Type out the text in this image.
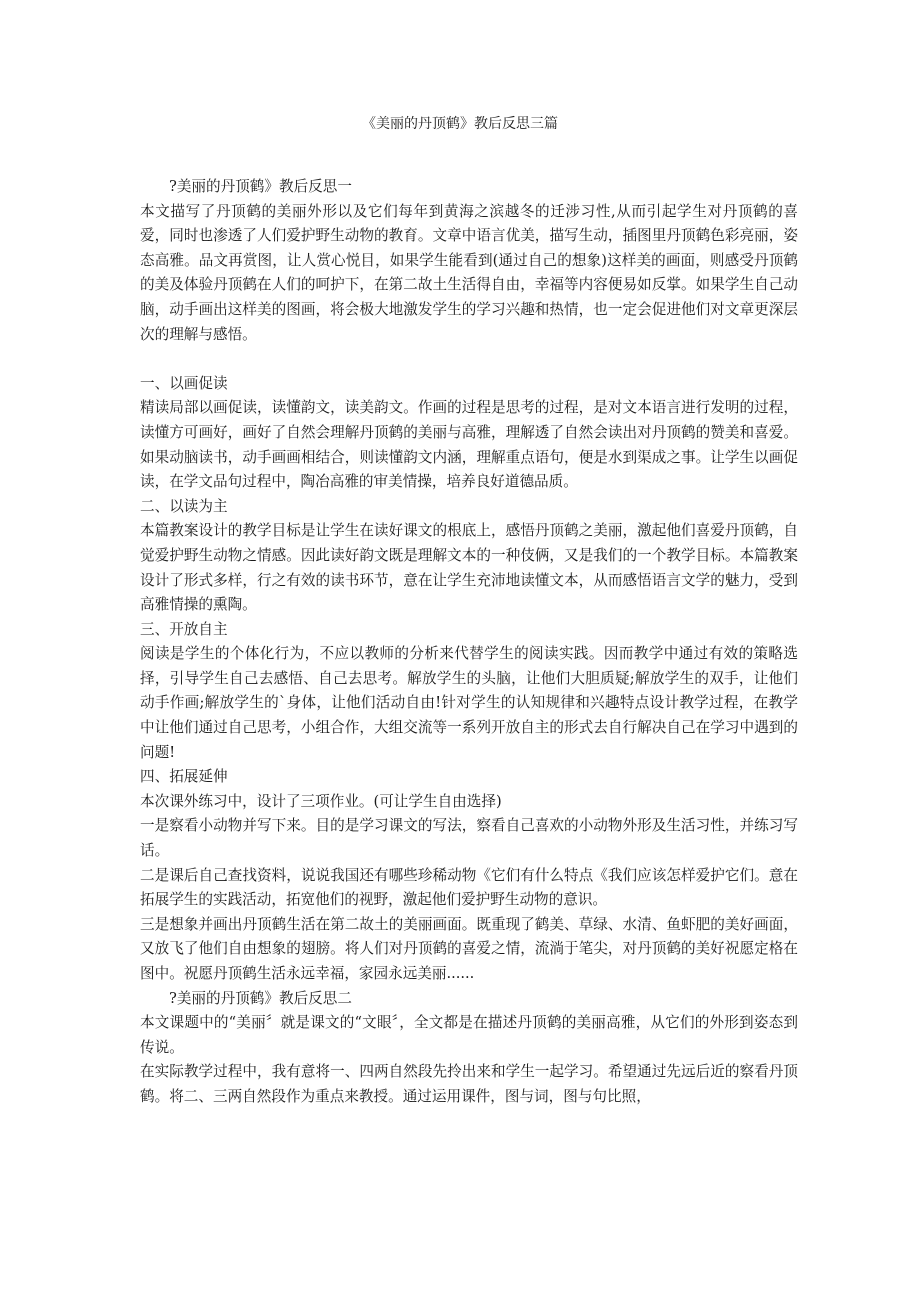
《美丽的丹顶鹤》教后反思三篇

?美丽的丹顶鹤》教后反思一

本文描写了丹顶鹤的美丽外形以及它们每年到黄海之滨越冬的迁涉习性,从而引起学生对丹顶鹤的喜爱，同时也渗透了人们爱护野生动物的教育。文章中语言优美，描写生动，插图里丹顶鹤色彩亮丽，姿态高雅。品文再赏图，让人赏心悦目，如果学生能看到(通过自己的想象)这样美的画面，则感受丹顶鹤的美及体验丹顶鹤在人们的呵护下，在第二故土生活得自由，幸福等内容便易如反掌。如果学生自己动脑，动手画出这样美的图画，将会极大地激发学生的学习兴趣和热情，也一定会促进他们对文章更深层次的理解与感悟。

一、以画促读

精读局部以画促读，读懂韵文，读美韵文。作画的过程是思考的过程，是对文本语言进行发明的过程，读懂方可画好，画好了自然会理解丹顶鹤的美丽与高雅，理解透了自然会读出对丹顶鹤的赞美和喜爱。如果动脑读书，动手画画相结合，则读懂韵文内涵，理解重点语句，便是水到渠成之事。让学生以画促读，在学文品句过程中，陶冶高雅的审美情操，培养良好道德品质。

二、以读为主

本篇教案设计的教学目标是让学生在读好课文的根底上，感悟丹顶鹤之美丽，激起他们喜爱丹顶鹤，自觉爱护野生动物之情感。因此读好韵文既是理解文本的一种伎俩，又是我们的一个教学目标。本篇教案设计了形式多样，行之有效的读书环节，意在让学生充沛地读懂文本，从而感悟语言文学的魅力，受到高雅情操的熏陶。

三、开放自主

阅读是学生的个体化行为，不应以教师的分析来代替学生的阅读实践。因而教学中通过有效的策略选择，引导学生自己去感悟、自己去思考。解放学生的头脑，让他们大胆质疑;解放学生的双手，让他们动手作画;解放学生的`身体，让他们活动自由!针对学生的认知规律和兴趣特点设计教学过程，在教学中让他们通过自己思考，小组合作，大组交流等一系列开放自主的形式去自行解决自己在学习中遇到的问题!

四、拓展延伸

本次课外练习中，设计了三项作业。(可让学生自由选择)

一是察看小动物并写下来。目的是学习课文的写法，察看自己喜欢的小动物外形及生活习性，并练习写话。

二是课后自己查找资料，说说我国还有哪些珍稀动物《它们有什么特点《我们应该怎样爱护它们。意在拓展学生的实践活动，拓宽他们的视野，激起他们爱护野生动物的意识。

三是想象并画出丹顶鹤生活在第二故土的美丽画面。既重现了鹤美、草绿、水清、鱼虾肥的美好画面，又放飞了他们自由想象的翅膀。将人们对丹顶鹤的喜爱之情，流淌于笔尖，对丹顶鹤的美好祝愿定格在图中。祝愿丹顶鹤生活永远幸福，家园永远美丽......

?美丽的丹顶鹤》教后反思二

本文课题中的“美丽〞就是课文的“文眼〞，全文都是在描述丹顶鹤的美丽高雅，从它们的外形到姿态到传说。

在实际教学过程中，我有意将一、四两自然段先拎出来和学生一起学习。希望通过先远后近的察看丹顶鹤。将二、三两自然段作为重点来教授。通过运用课件，图与词，图与句比照，
